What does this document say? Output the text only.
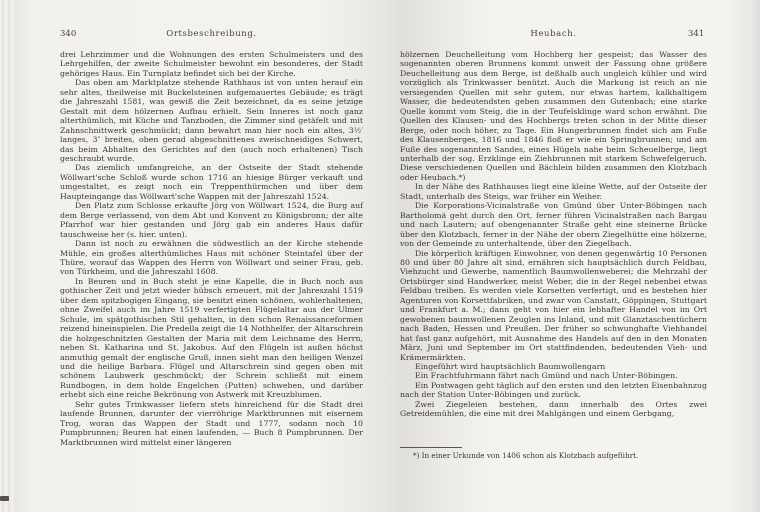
340	Ortsbeschreibung.

drei Lehrzimmer und die Wohnungen des ersten Schulmeisters und des Lehrgehilfen, der zweite Schulmeister bewohnt ein besonderes, der Stadt gehöriges Haus. Ein Turnplatz befindet sich bei der Kirche.

Das oben am Marktplatze stehende Rathhaus ist von unten herauf ein sehr altes, theilweise mit Buckelsteinen aufgemauertes Gebäude; es trägt die Jahreszahl 1581, was gewiß die Zeit bezeichnet, da es seine jetzige Gestalt mit dem hölzernen Aufbau erhielt. Sein Inneres ist noch ganz alterthümlich, mit Küche und Tanzboden, die Zimmer sind getäfelt und mit Zahnschnittwerk geschmückt; dann bewahrt man hier noch ein altes, 3½′ langes, 3″ breites, oben gerad abgeschnittenes zweischneidiges Schwert, das beim Abhalten des Gerichtes auf den (auch noch erhaltenen) Tisch geschraubt wurde.

Das ziemlich umfangreiche, an der Ostseite der Stadt stehende Wöllwart'sche Schloß wurde schon 1716 an hiesige Bürger verkauft und umgestaltet, es zeigt noch ein Treppenthürmchen und über dem Haupteingange das Wöllwart'sche Wappen mit der Jahreszahl 1524.

Den Platz zum Schlosse erkaufte Jörg von Wöllwart 1524, die Burg auf dem Berge verlassend, von dem Abt und Konvent zu Königsbronn; der alte Pfarrhof war hier gestanden und Jörg gab ein anderes Haus dafür tauschweise her (s. hier. unten).

Dann ist noch zu erwähnen die südwestlich an der Kirche stehende Mühle, ein großes alterthümliches Haus mit schöner Steintafel über der Thüre, worauf das Wappen des Herrn von Wöllwart und seiner Frau, geb. von Türkheim, und die Jahreszahl 1608.

In Beuren und in Buch steht je eine Kapelle, die in Buch noch aus gothischer Zeit und jetzt wieder hübsch erneuert, mit der Jahreszahl 1519 über dem spitzbogigen Eingang, sie besitzt einen schönen, wohlerhaltenen, ohne Zweifel auch im Jahre 1519 verfertigten Flügelaltar aus der Ulmer Schule, im spätgothischen Stil gehalten, in den schon Renaissanceformen reizend hineinspielen. Die Predella zeigt die 14 Nothhelfer, der Altarschrein die holzgeschnitzten Gestalten der Maria mit dem Leichname des Herrn, neben St. Katharina und St. Jakobus. Auf den Flügeln ist außen höchst anmuthig gemalt der englische Gruß, innen sieht man den heiligen Wenzel und die heilige Barbara. Flügel und Altarschrein sind gegen oben mit schönem Laubwerk geschmückt; der Schrein schließt mit einem Rundbogen, in dem holde Engelchen (Putten) schweben, und darüber erhebt sich eine reiche Bekrönung von Astwerk mit Kreuzblumen.

Sehr gutes Trinkwasser liefern stets hinreichend für die Stadt drei laufende Brunnen, darunter der vierröhrige Marktbrunnen mit eisernem Trog, woran das Wappen der Stadt und 1777, sodann noch 10 Pumpbrunnen; Beuren hat einen laufenden, — Buch 8 Pumpbrunnen. Der Marktbrunnen wird mittelst einer längeren

Heubach.	341

hölzernen Deuchelleitung vom Hochberg her gespeist; das Wasser des sogenannten oberen Brunnens kommt unweit der Fassung ohne größere Deuchelleitung aus dem Berge, ist deßhalb auch ungleich kühler und wird vorzüglich als Trinkwasser benützt. Auch die Markung ist reich an nie versiegenden Quellen mit sehr gutem, nur etwas hartem, kalkhaltigem Wasser, die bedeutendsten geben zusammen den Gutenbach; eine starke Quelle kommt vom Steig, die in der Teufelsklinge ward schon erwähnt. Die Quellen des Klausen- und des Hochbergs treten schon in der Mitte dieser Berge, oder noch höher, zu Tage. Ein Hungerbrunnen findet sich am Fuße des Klausenberges, 1816 und 1846 floß er wie ein Springbrunnen; und am Fuße des sogenannten Sandes, eines Hügels nahe beim Scheuelberge, liegt unterhalb der sog. Erzklinge ein Ziehbrunnen mit starkem Schwefelgeruch. Diese verschiedenen Quellen und Bächlein bilden zusammen den Klotzbach oder Heubach.*)

In der Nähe des Rathhauses liegt eine kleine Wette, auf der Ostseite der Stadt, unterhalb des Steigs, war früher ein Weiher.

Die Korporations-Vicinalstraße von Gmünd über Unter-Böbingen nach Bartholomä geht durch den Ort, ferner führen Vicinalstraßen nach Bargau und nach Lautern; auf obengenannter Straße geht eine steinerne Brücke über den Klotzbach, ferner in der Nähe der obern Ziegelhütte eine hölzerne, von der Gemeinde zu unterhaltende, über den Ziegelbach.

Die körperlich kräftigen Einwohner, von denen gegenwärtig 10 Personen 80 und über 80 Jahre alt sind, ernähren sich hauptsächlich durch Feldbau, Viehzucht und Gewerbe, namentlich Baumwollenweberei; die Mehrzahl der Ortsbürger sind Handwerker, meist Weber, die in der Regel nebenbei etwas Feldbau treiben. Es werden viele Korsetten verfertigt, und es bestehen hier Agenturen von Korsettfabriken, und zwar von Canstatt, Göppingen, Stuttgart und Frankfurt a. M.; dann geht von hier ein lebhafter Handel von im Ort gewobenen baumwollenen Zeuglen ins Inland, und mit Glanztaschentüchern nach Baden, Hessen und Preußen. Der früher so schwunghafte Viehhandel hat fast ganz aufgehört, mit Ausnahme des Handels auf den in den Monaten März, Juni und September im Ort stattfindenden, bedeutenden Vieh- und Krämermärkten.

Eingeführt wird hauptsächlich Baumwollengarn

Ein Frachtfuhrmann fährt nach Gmünd und nach Unter-Böbingen.

Ein Postwagen geht täglich auf den ersten und den letzten Eisenbahnzug nach der Station Unter-Böbingen und zurück.

Zwei Ziegeleien bestehen, dann innerhalb des Ortes zwei Getreidemühlen, die eine mit drei Mahlgängen und einem Gerbgang,

*) In einer Urkunde von 1406 schon als Klotzbach aufgeführt.
